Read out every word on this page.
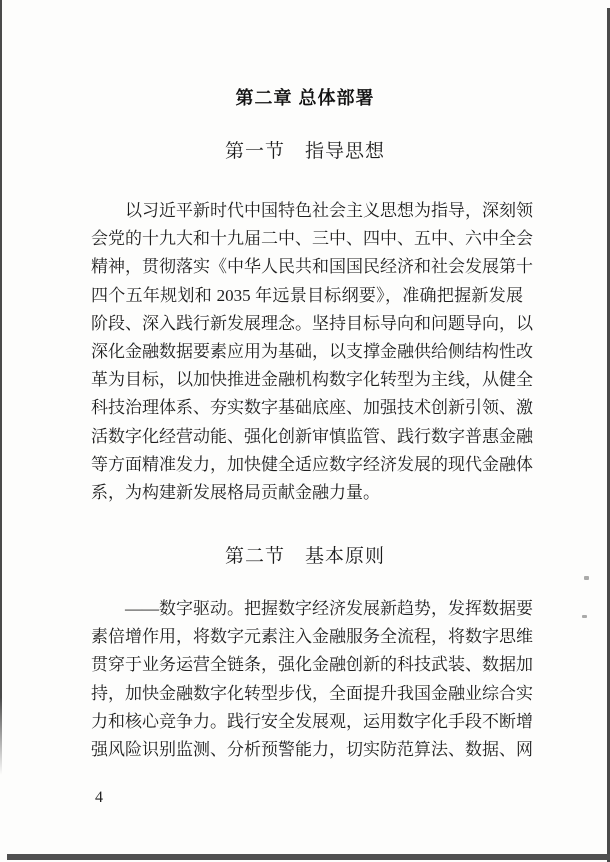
第二章 总体部署
第一节　指导思想
以习近平新时代中国特色社会主义思想为指导，深刻领
会党的十九大和十九届二中、三中、四中、五中、六中全会
精神，贯彻落实《中华人民共和国国民经济和社会发展第十
四个五年规划和 2035 年远景目标纲要》，准确把握新发展
阶段、深入践行新发展理念。坚持目标导向和问题导向，以
深化金融数据要素应用为基础，以支撑金融供给侧结构性改
革为目标，以加快推进金融机构数字化转型为主线，从健全
科技治理体系、夯实数字基础底座、加强技术创新引领、激
活数字化经营动能、强化创新审慎监管、践行数字普惠金融
等方面精准发力，加快健全适应数字经济发展的现代金融体
系，为构建新发展格局贡献金融力量。
第二节　基本原则
——数字驱动。把握数字经济发展新趋势，发挥数据要
素倍增作用，将数字元素注入金融服务全流程，将数字思维
贯穿于业务运营全链条，强化金融创新的科技武装、数据加
持，加快金融数字化转型步伐，全面提升我国金融业综合实
力和核心竞争力。践行安全发展观，运用数字化手段不断增
强风险识别监测、分析预警能力，切实防范算法、数据、网
4
